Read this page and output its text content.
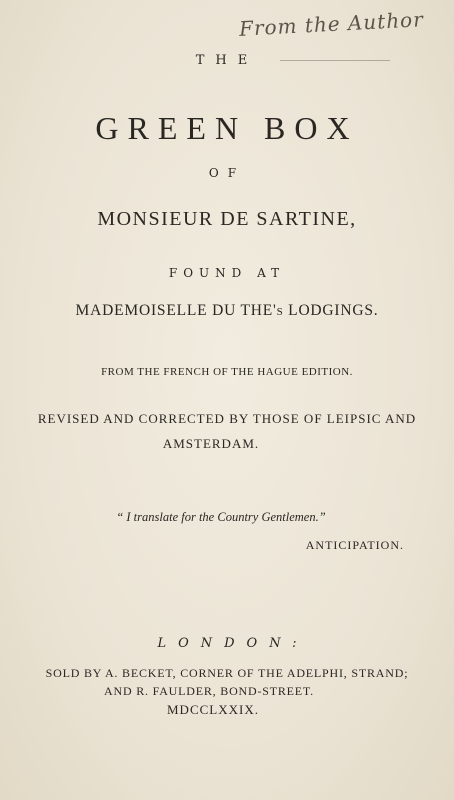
From the Author
THE
GREEN BOX
OF
MONSIEUR DE SARTINE,
FOUND AT
MADEMOISELLE DU THE's LODGINGS.
FROM THE FRENCH OF THE HAGUE EDITION.
REVISED AND CORRECTED BY THOSE OF LEIPSIC AND
AMSTERDAM.
“ I translate for the Country Gentlemen.”
ANTICIPATION.
LONDON:
SOLD BY A. BECKET, CORNER OF THE ADELPHI, STRAND;
AND R. FAULDER, BOND-STREET.
MDCCLXXIX.
